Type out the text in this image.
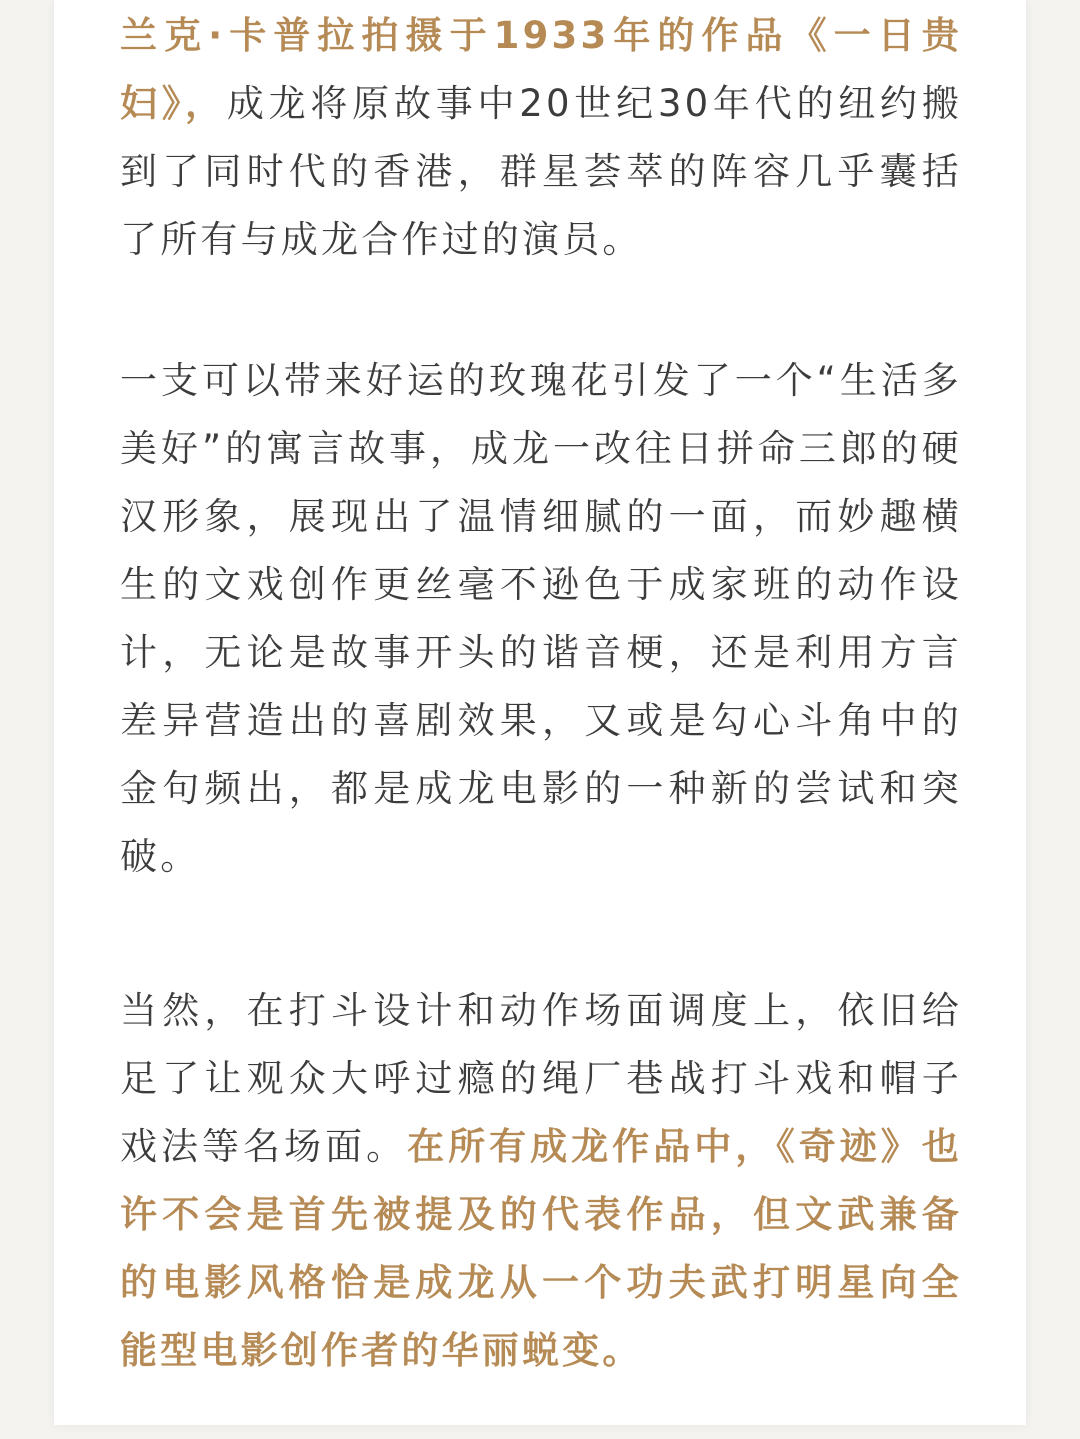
兰克·卡普拉拍摄于1933年的作品《一日贵妇》，成龙将原故事中20世纪30年代的纽约搬到了同时代的香港，群星荟萃的阵容几乎囊括了所有与成龙合作过的演员。

一支可以带来好运的玫瑰花引发了一个“生活多美好”的寓言故事，成龙一改往日拼命三郎的硬汉形象，展现出了温情细腻的一面，而妙趣横生的文戏创作更丝毫不逊色于成家班的动作设计，无论是故事开头的谐音梗，还是利用方言差异营造出的喜剧效果，又或是勾心斗角中的金句频出，都是成龙电影的一种新的尝试和突破。

当然，在打斗设计和动作场面调度上，依旧给足了让观众大呼过瘾的绳厂巷战打斗戏和帽子戏法等名场面。在所有成龙作品中，《奇迹》也许不会是首先被提及的代表作品，但文武兼备的电影风格恰是成龙从一个功夫武打明星向全能型电影创作者的华丽蜕变。
